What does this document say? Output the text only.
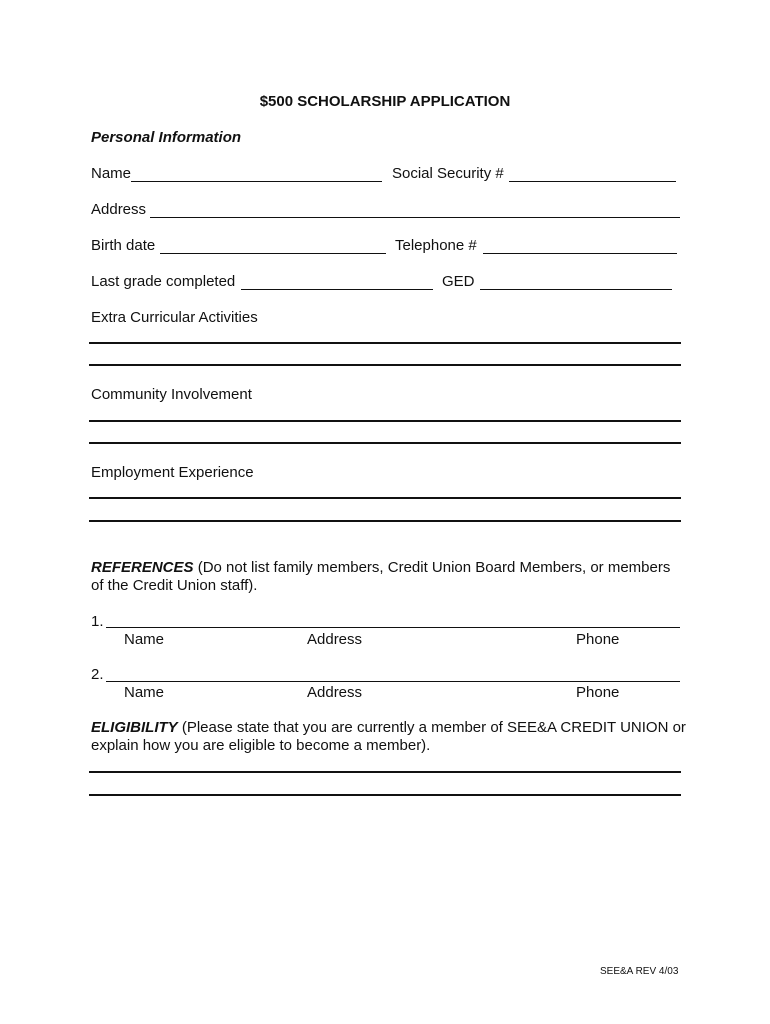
$500 SCHOLARSHIP APPLICATION
Personal Information
Name	Social Security #
Address
Birth date	Telephone #
Last grade completed	GED
Extra Curricular Activities
Community Involvement
Employment Experience
REFERENCES (Do not list family members, Credit Union Board Members, or members of the Credit Union staff).
1.
Name	Address	Phone
2.
Name	Address	Phone
ELIGIBILITY (Please state that you are currently a member of SEE&A CREDIT UNION or explain how you are eligible to become a member).
SEE&A REV 4/03
